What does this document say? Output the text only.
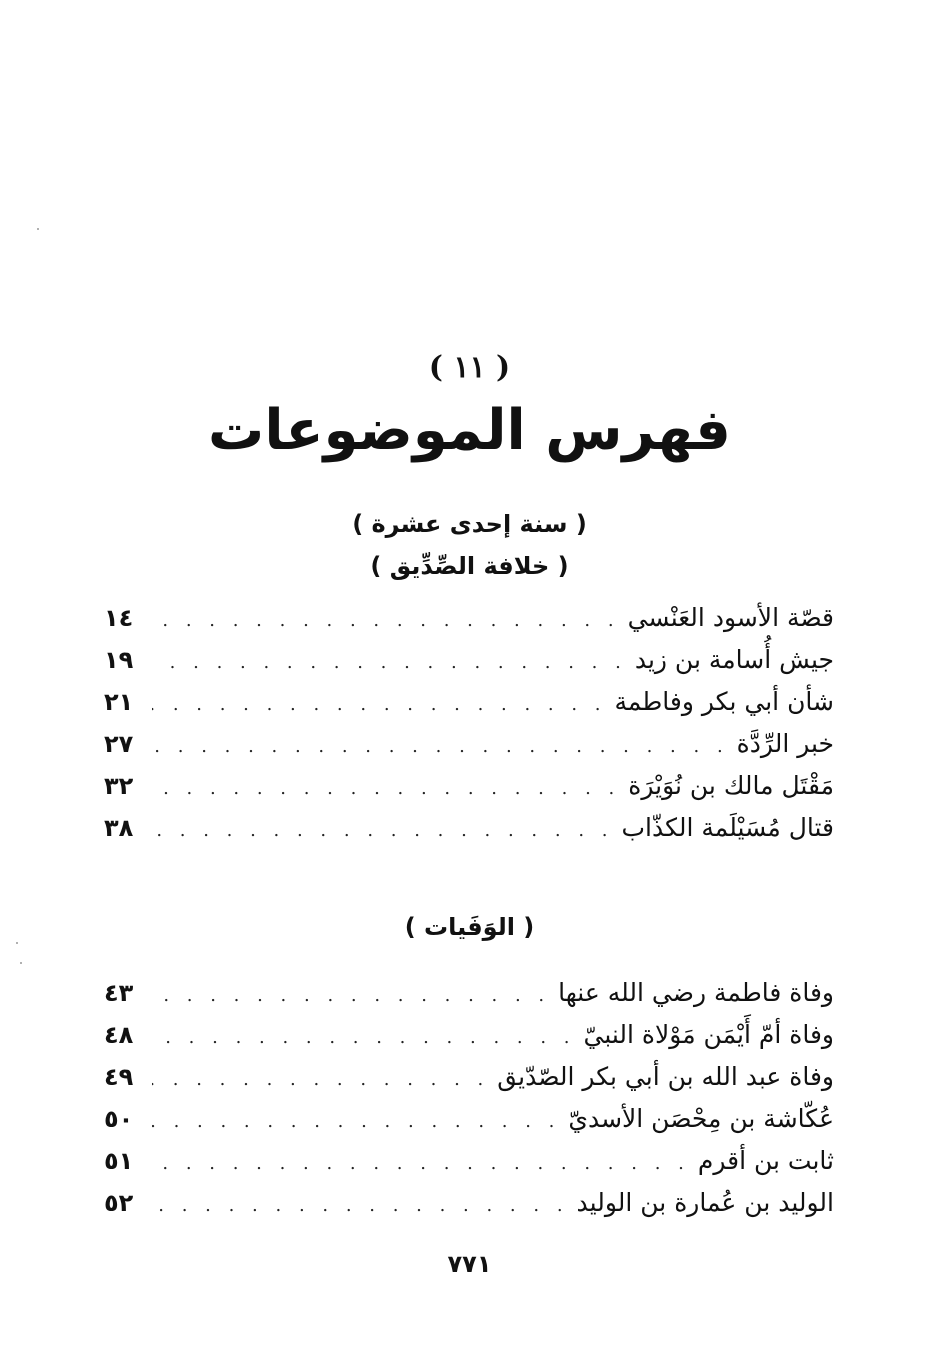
( ١١ )
فهرس الموضوعات
( سنة إحدى عشرة )
( خلافة الصِّدِّيق )
قصّة الأسود العَنْسي
. . .
١٤
جيش أُسامة بن زيد
. . .
١٩
شأن أبي بكر وفاطمة
. . .
٢١
خبر الرِّدَّة
. . .
٢٧
مَقْتَل مالك بن نُوَيْرَة
. . .
٣٢
قتال مُسَيْلَمة الكذّاب
. . .
٣٨
( الوَفَيات )
وفاة فاطمة رضي الله عنها
. . .
٤٣
وفاة أمّ أَيْمَن مَوْلاة النبيّ
. . .
٤٨
وفاة عبد الله بن أبي بكر الصّدّيق
. . .
٤٩
عُكّاشة بن مِحْصَن الأسديّ
. . .
٥٠
ثابت بن أقرم
. . .
٥١
الوليد بن عُمارة بن الوليد
. . .
٥٢
٧٧١
